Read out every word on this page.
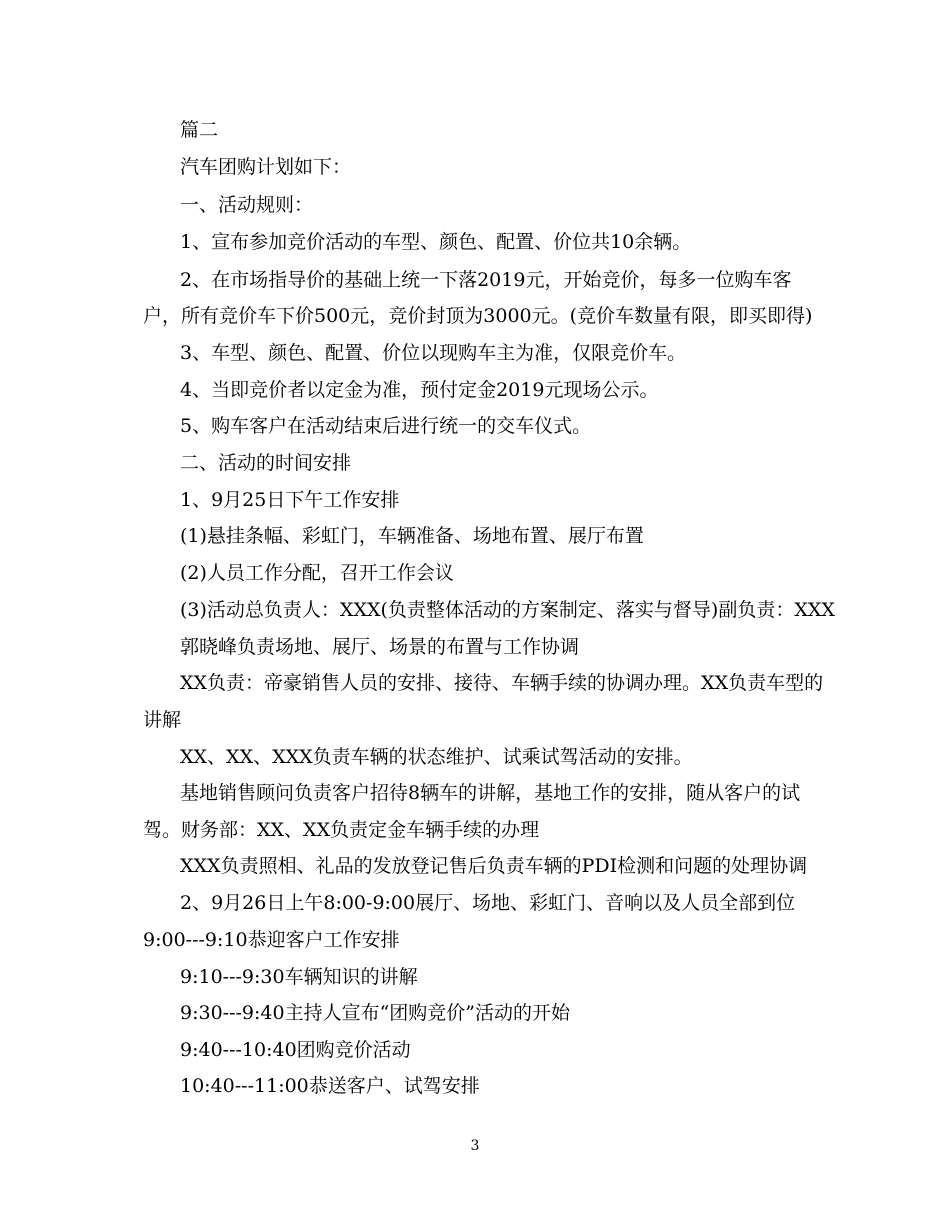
篇二
汽车团购计划如下：
一、活动规则：
1、宣布参加竞价活动的车型、颜色、配置、价位共10余辆。
2、在市场指导价的基础上统一下落2019元，开始竞价，每多一位购车客
户，所有竞价车下价500元，竞价封顶为3000元。(竞价车数量有限，即买即得)
3、车型、颜色、配置、价位以现购车主为准，仅限竞价车。
4、当即竞价者以定金为准，预付定金2019元现场公示。
5、购车客户在活动结束后进行统一的交车仪式。
二、活动的时间安排
1、9月25日下午工作安排
(1)悬挂条幅、彩虹门，车辆准备、场地布置、展厅布置
(2)人员工作分配，召开工作会议
(3)活动总负责人：XXX(负责整体活动的方案制定、落实与督导)副负责：XXX
郭晓峰负责场地、展厅、场景的布置与工作协调
XX负责：帝豪销售人员的安排、接待、车辆手续的协调办理。XX负责车型的
讲解
XX、XX、XXX负责车辆的状态维护、试乘试驾活动的安排。
基地销售顾问负责客户招待8辆车的讲解，基地工作的安排，随从客户的试
驾。财务部：XX、XX负责定金车辆手续的办理
XXX负责照相、礼品的发放登记售后负责车辆的PDI检测和问题的处理协调
2、9月26日上午8:00-9:00展厅、场地、彩虹门、音响以及人员全部到位
9:00---9:10恭迎客户工作安排
9:10---9:30车辆知识的讲解
9:30---9:40主持人宣布“团购竞价”活动的开始
9:40---10:40团购竞价活动
10:40---11:00恭送客户、试驾安排
3
